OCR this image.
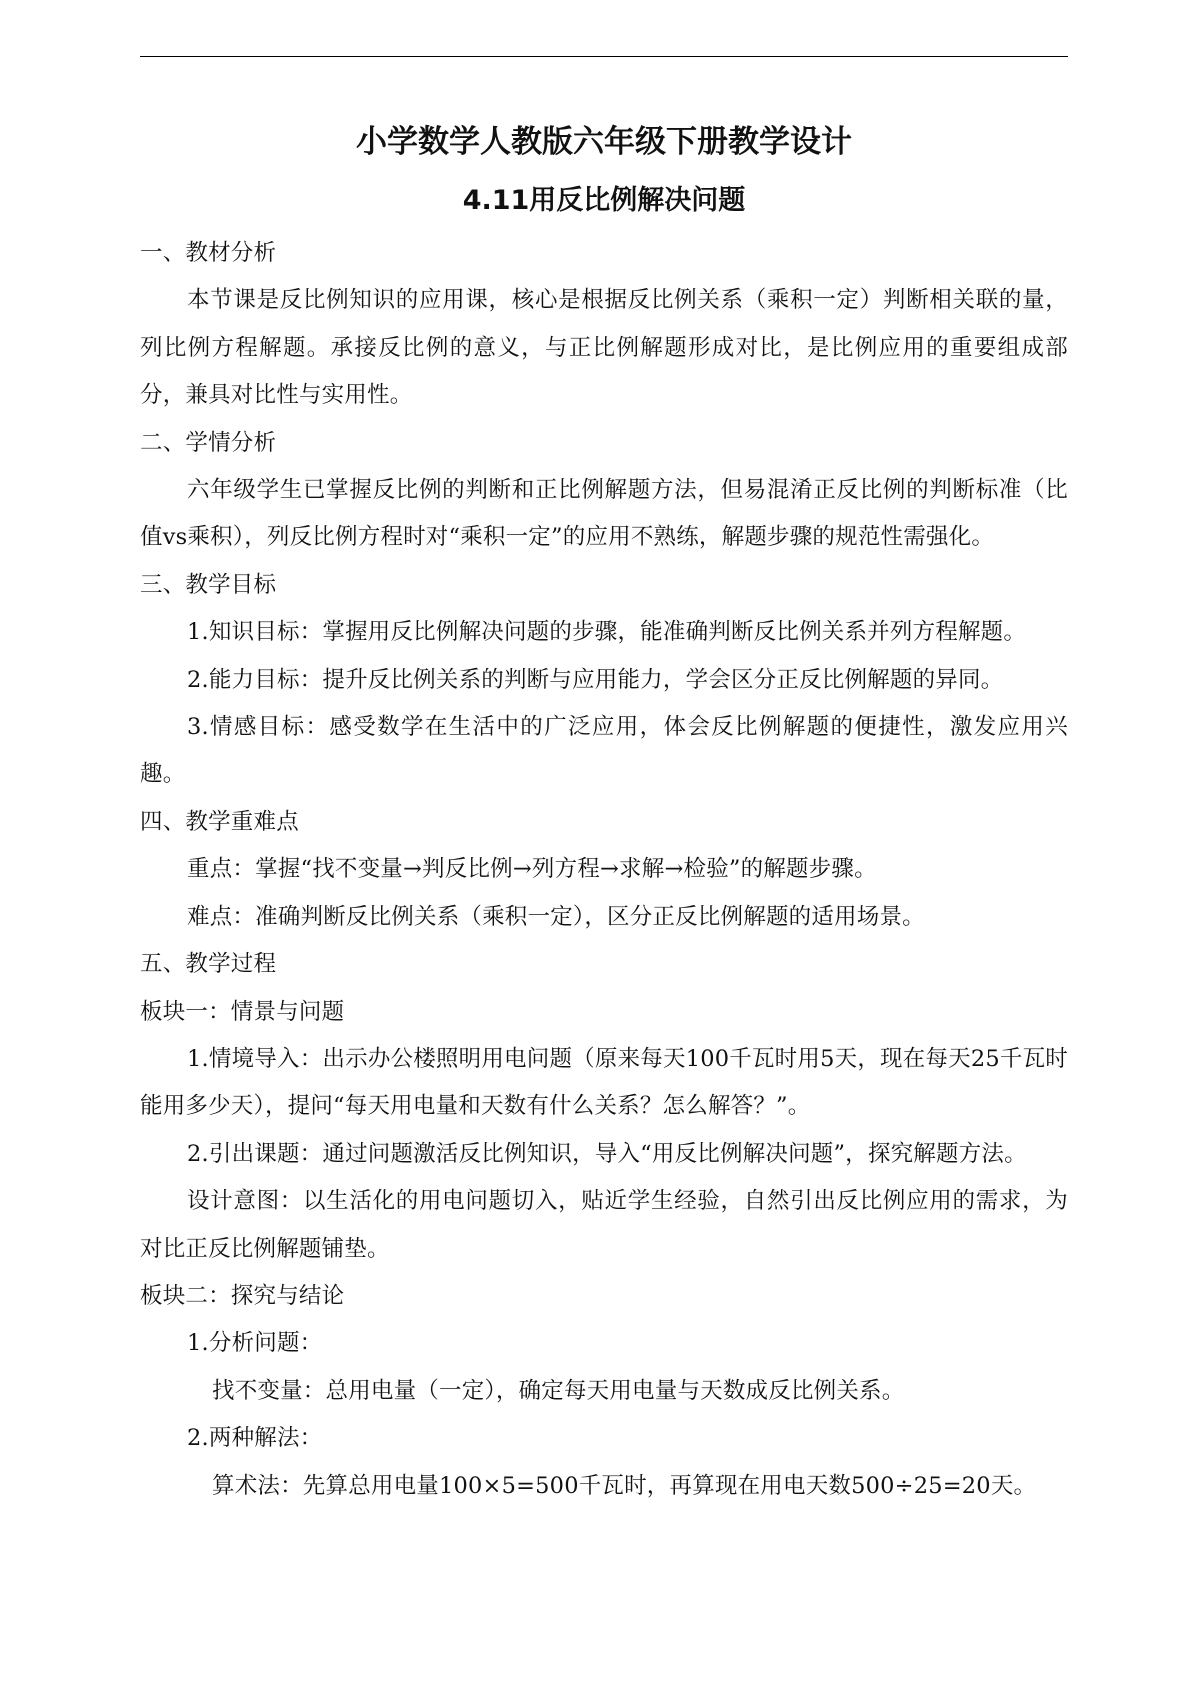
小学数学人教版六年级下册教学设计
4.11用反比例解决问题

一、教材分析

本节课是反比例知识的应用课，核心是根据反比例关系（乘积一定）判断相关联的量，列比例方程解题。承接反比例的意义，与正比例解题形成对比，是比例应用的重要组成部分，兼具对比性与实用性。

二、学情分析

六年级学生已掌握反比例的判断和正比例解题方法，但易混淆正反比例的判断标准（比值vs乘积），列反比例方程时对“乘积一定”的应用不熟练，解题步骤的规范性需强化。

三、教学目标

1.知识目标：掌握用反比例解决问题的步骤，能准确判断反比例关系并列方程解题。

2.能力目标：提升反比例关系的判断与应用能力，学会区分正反比例解题的异同。

3.情感目标：感受数学在生活中的广泛应用，体会反比例解题的便捷性，激发应用兴趣。

四、教学重难点

重点：掌握“找不变量→判反比例→列方程→求解→检验”的解题步骤。

难点：准确判断反比例关系（乘积一定），区分正反比例解题的适用场景。

五、教学过程

板块一：情景与问题

1.情境导入：出示办公楼照明用电问题（原来每天100千瓦时用5天，现在每天25千瓦时能用多少天），提问“每天用电量和天数有什么关系？怎么解答？”。

2.引出课题：通过问题激活反比例知识，导入“用反比例解决问题”，探究解题方法。

设计意图：以生活化的用电问题切入，贴近学生经验，自然引出反比例应用的需求，为对比正反比例解题铺垫。

板块二：探究与结论

1.分析问题：

找不变量：总用电量（一定），确定每天用电量与天数成反比例关系。

2.两种解法：

算术法：先算总用电量100×5=500千瓦时，再算现在用电天数500÷25=20天。
